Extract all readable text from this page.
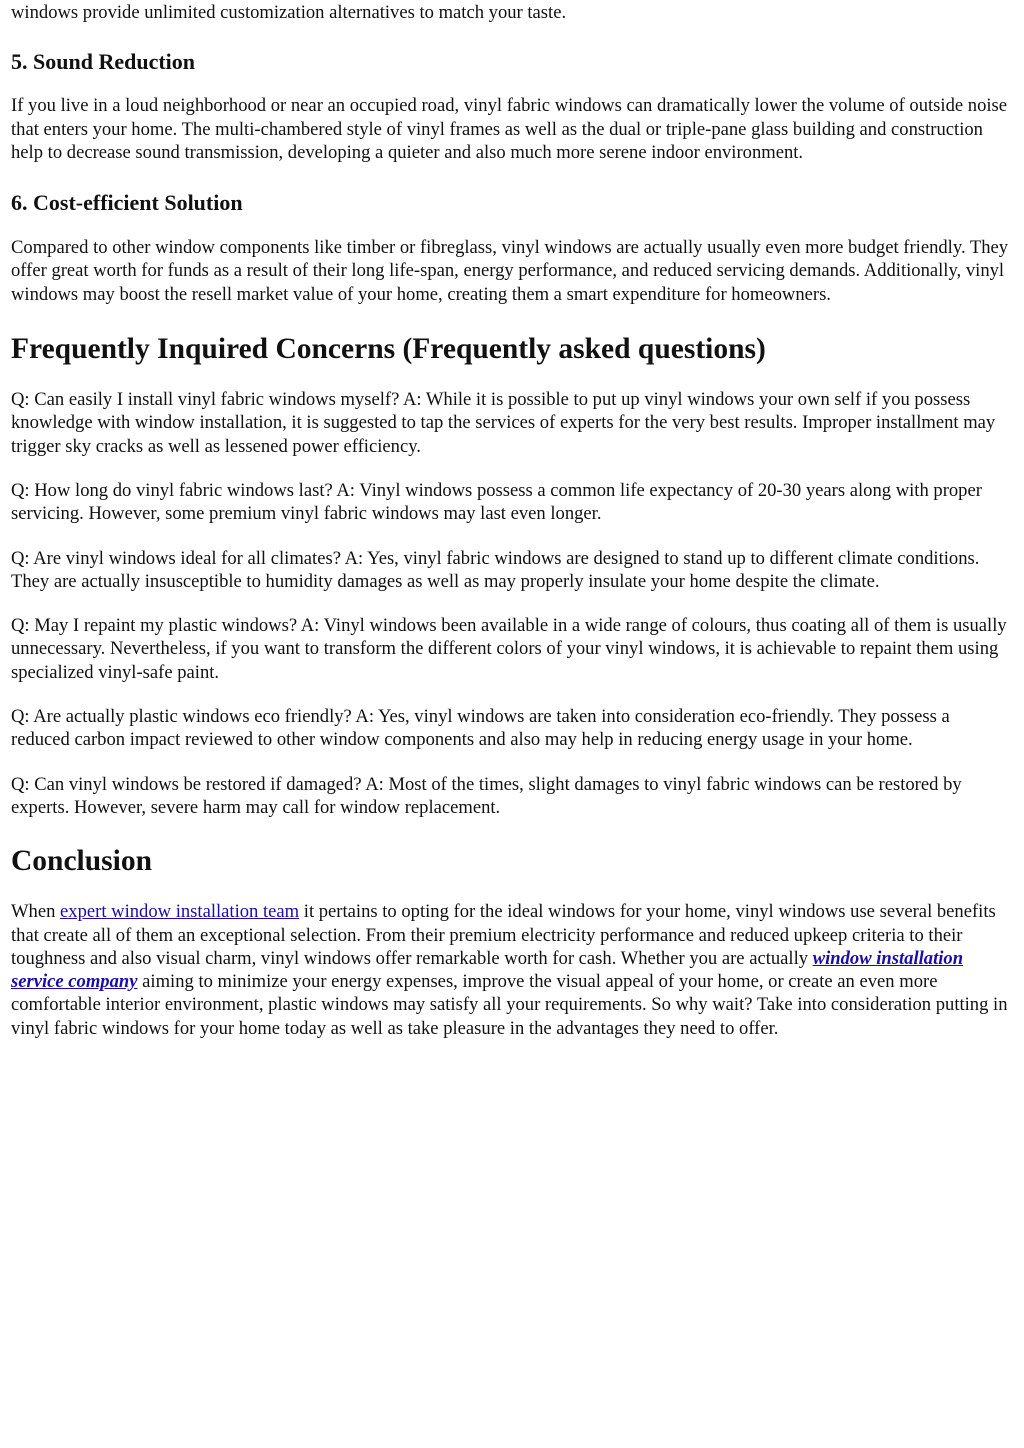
windows provide unlimited customization alternatives to match your taste.

5. Sound Reduction

If you live in a loud neighborhood or near an occupied road, vinyl fabric windows can dramatically lower the volume of outside noise that enters your home. The multi-chambered style of vinyl frames as well as the dual or triple-pane glass building and construction help to decrease sound transmission, developing a quieter and also much more serene indoor environment.

6. Cost-efficient Solution

Compared to other window components like timber or fibreglass, vinyl windows are actually usually even more budget friendly. They offer great worth for funds as a result of their long life-span, energy performance, and reduced servicing demands. Additionally, vinyl windows may boost the resell market value of your home, creating them a smart expenditure for homeowners.

Frequently Inquired Concerns (Frequently asked questions)

Q: Can easily I install vinyl fabric windows myself? A: While it is possible to put up vinyl windows your own self if you possess knowledge with window installation, it is suggested to tap the services of experts for the very best results. Improper installment may trigger sky cracks as well as lessened power efficiency.

Q: How long do vinyl fabric windows last? A: Vinyl windows possess a common life expectancy of 20-30 years along with proper servicing. However, some premium vinyl fabric windows may last even longer.

Q: Are vinyl windows ideal for all climates? A: Yes, vinyl fabric windows are designed to stand up to different climate conditions. They are actually insusceptible to humidity damages as well as may properly insulate your home despite the climate.

Q: May I repaint my plastic windows? A: Vinyl windows been available in a wide range of colours, thus coating all of them is usually unnecessary. Nevertheless, if you want to transform the different colors of your vinyl windows, it is achievable to repaint them using specialized vinyl-safe paint.

Q: Are actually plastic windows eco friendly? A: Yes, vinyl windows are taken into consideration eco-friendly. They possess a reduced carbon impact reviewed to other window components and also may help in reducing energy usage in your home.

Q: Can vinyl windows be restored if damaged? A: Most of the times, slight damages to vinyl fabric windows can be restored by experts. However, severe harm may call for window replacement.

Conclusion

When expert window installation team it pertains to opting for the ideal windows for your home, vinyl windows use several benefits that create all of them an exceptional selection. From their premium electricity performance and reduced upkeep criteria to their toughness and also visual charm, vinyl windows offer remarkable worth for cash. Whether you are actually window installation service company aiming to minimize your energy expenses, improve the visual appeal of your home, or create an even more comfortable interior environment, plastic windows may satisfy all your requirements. So why wait? Take into consideration putting in vinyl fabric windows for your home today as well as take pleasure in the advantages they need to offer.
